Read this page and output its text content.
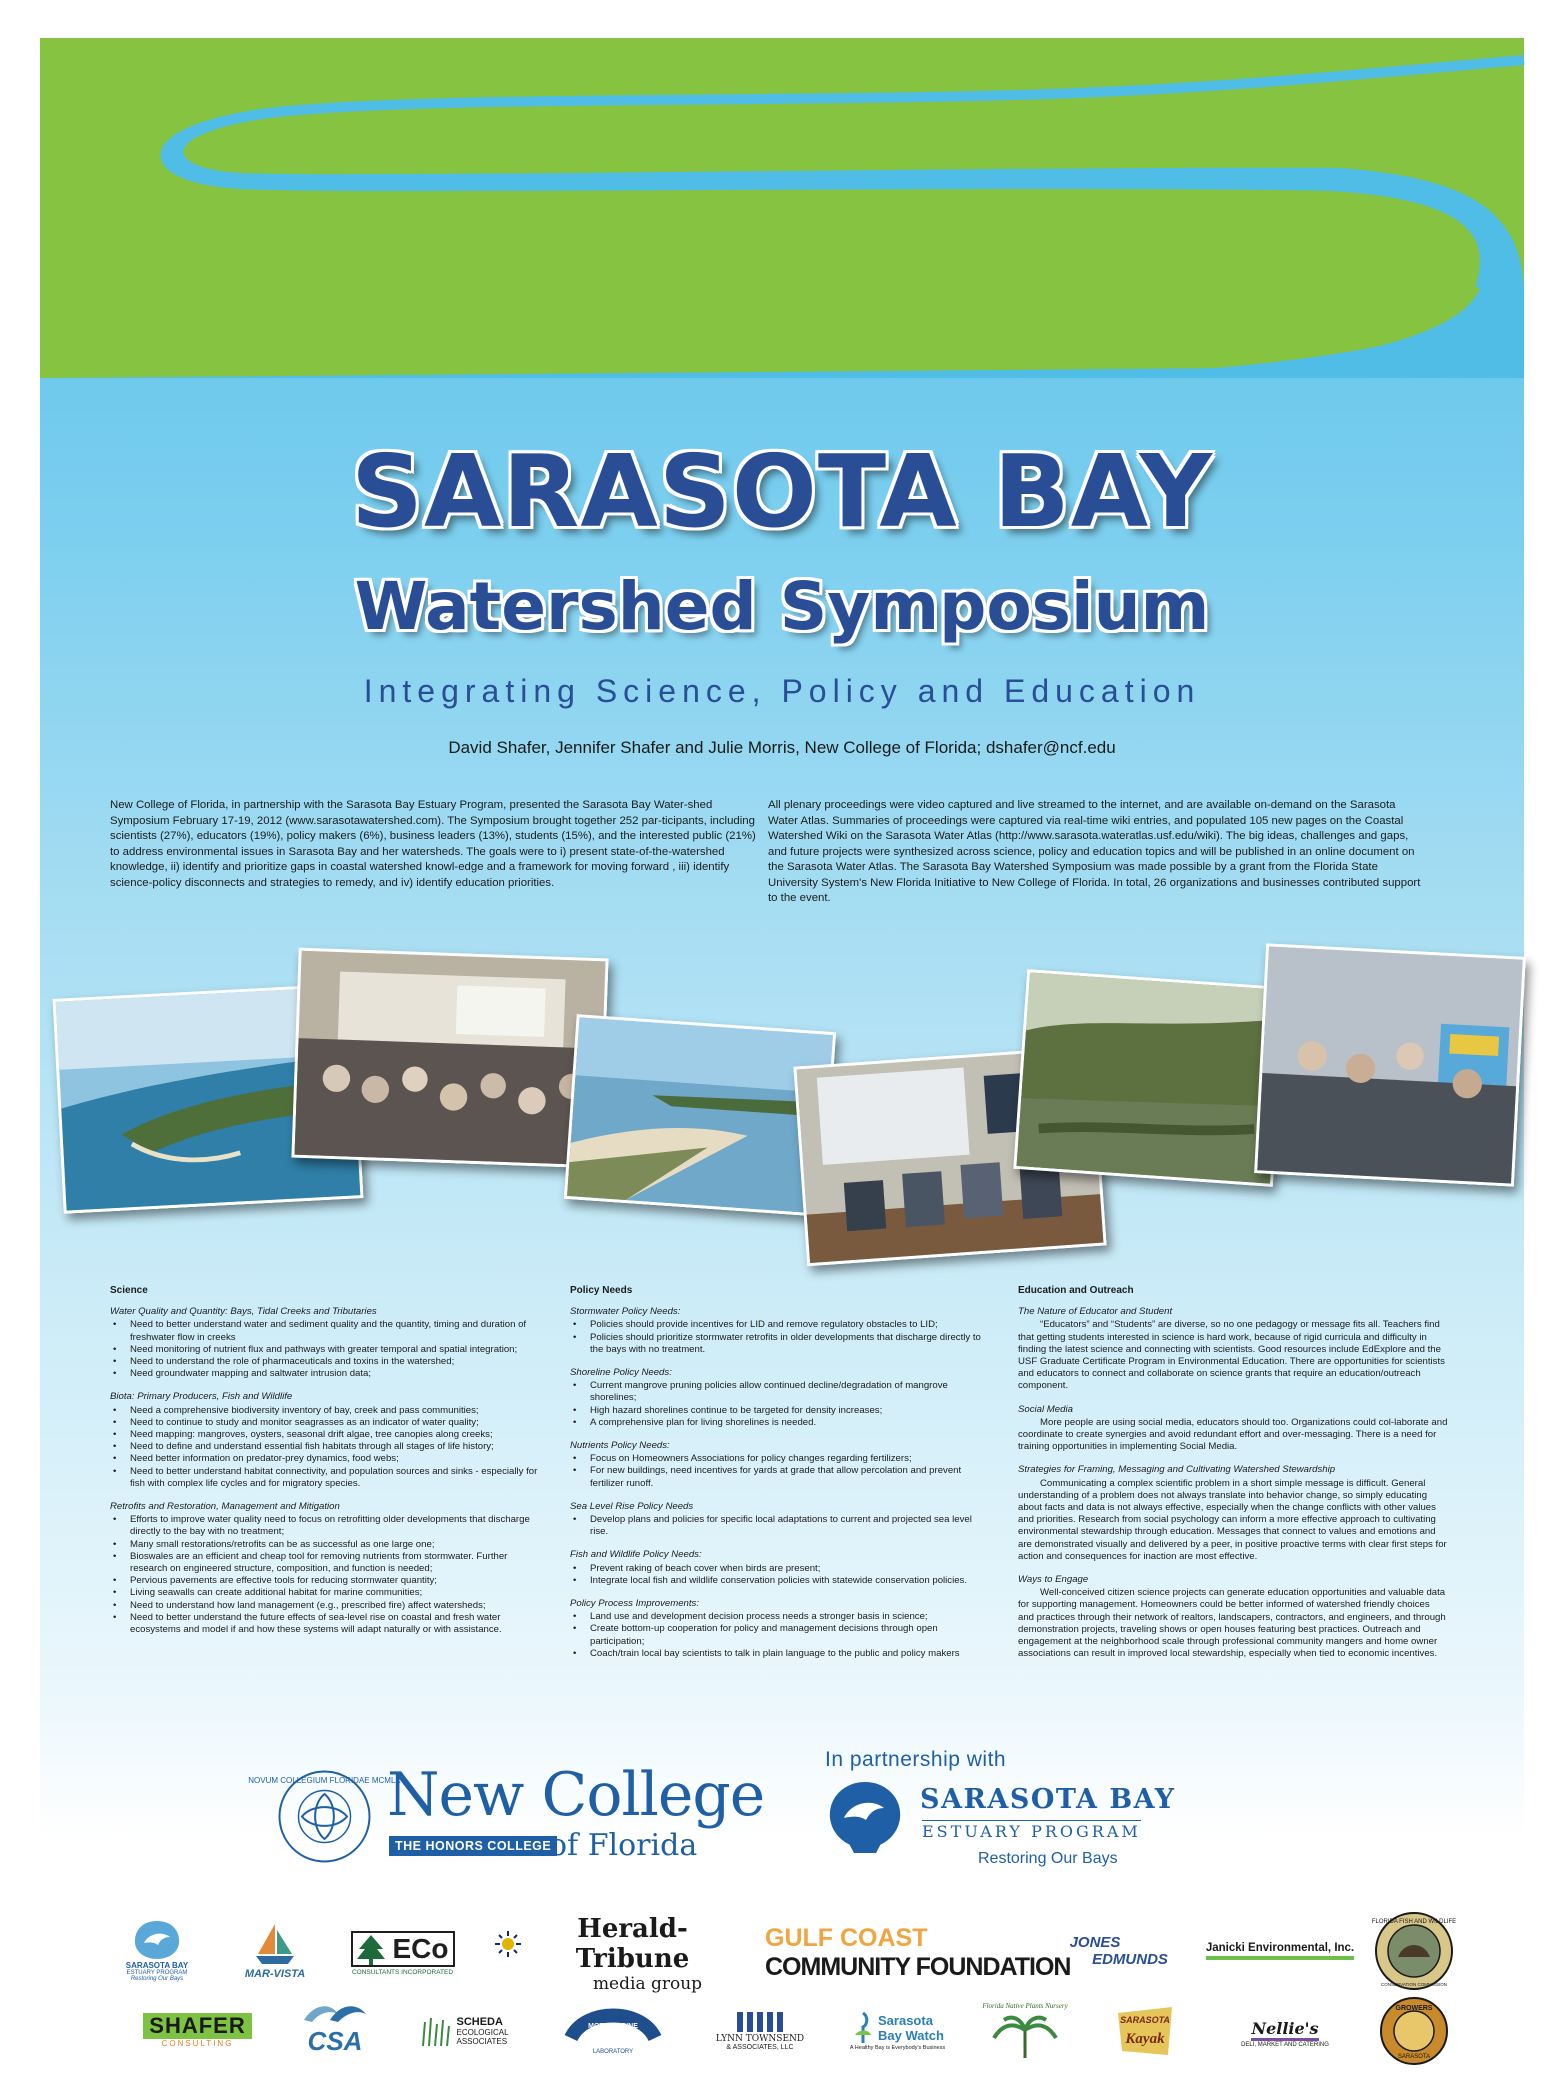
SARASOTA BAY
Watershed Symposium
Integrating Science, Policy and Education
David Shafer, Jennifer Shafer and Julie Morris, New College of Florida; dshafer@ncf.edu
New College of Florida, in partnership with the Sarasota Bay Estuary Program, presented the Sarasota Bay Water-shed Symposium February 17-19, 2012 (www.sarasotawatershed.com). The Symposium brought together 252 par-ticipants, including scientists (27%), educators (19%), policy makers (6%), business leaders (13%), students (15%), and the interested public (21%) to address environmental issues in Sarasota Bay and her watersheds. The goals were to i) present state-of-the-watershed knowledge, ii) identify and prioritize gaps in coastal watershed knowl-edge and a framework for moving forward , iii) identify science-policy disconnects and strategies to remedy, and iv) identify education priorities.
All plenary proceedings were video captured and live streamed to the internet, and are available on-demand on the Sarasota Water Atlas. Summaries of proceedings were captured via real-time wiki entries, and populated 105 new pages on the Coastal Watershed Wiki on the Sarasota Water Atlas (http://www.sarasota.wateratlas.usf.edu/wiki). The big ideas, challenges and gaps, and future projects were synthesized across science, policy and education topics and will be published in an online document on the Sarasota Water Atlas. The Sarasota Bay Watershed Symposium was made possible by a grant from the Florida State University System's New Florida Initiative to New College of Florida. In total, 26 organizations and businesses contributed support to the event.
Science
Water Quality and Quantity: Bays, Tidal Creeks and Tributaries
• Need to better understand water and sediment quality and the quantity, timing and duration of freshwater flow in creeks
• Need monitoring of nutrient flux and pathways with greater temporal and spatial integration;
• Need to understand the role of pharmaceuticals and toxins in the watershed;
• Need groundwater mapping and saltwater intrusion data;
Biota: Primary Producers, Fish and Wildlife
• Need a comprehensive biodiversity inventory of bay, creek and pass communities;
• Need to continue to study and monitor seagrasses as an indicator of water quality;
• Need mapping: mangroves, oysters, seasonal drift algae, tree canopies along creeks;
• Need to define and understand essential fish habitats through all stages of life history;
• Need better information on predator-prey dynamics, food webs;
• Need to better understand habitat connectivity, and population sources and sinks - especially for fish with complex life cycles and for migratory species.
Retrofits and Restoration, Management and Mitigation
• Efforts to improve water quality need to focus on retrofitting older developments that discharge directly to the bay with no treatment;
• Many small restorations/retrofits can be as successful as one large one;
• Bioswales are an efficient and cheap tool for removing nutrients from stormwater. Further research on engineered structure, composition, and function is needed;
• Pervious pavements are effective tools for reducing stormwater quantity;
• Living seawalls can create additional habitat for marine communities;
• Need to understand how land management (e.g., prescribed fire) affect watersheds;
• Need to better understand the future effects of sea-level rise on coastal and fresh water ecosystems and model if and how these systems will adapt naturally or with assistance.
Policy Needs
Stormwater Policy Needs:
• Policies should provide incentives for LID and remove regulatory obstacles to LID;
• Policies should prioritize stormwater retrofits in older developments that discharge directly to the bays with no treatment.
Shoreline Policy Needs:
• Current mangrove pruning policies allow continued decline/degradation of mangrove shorelines;
• High hazard shorelines continue to be targeted for density increases;
• A comprehensive plan for living shorelines is needed.
Nutrients Policy Needs:
• Focus on Homeowners Associations for policy changes regarding fertilizers;
• For new buildings, need incentives for yards at grade that allow percolation and prevent fertilizer runoff.
Sea Level Rise Policy Needs
• Develop plans and policies for specific local adaptations to current and projected sea level rise.
Fish and Wildlife Policy Needs:
• Prevent raking of beach cover when birds are present;
• Integrate local fish and wildlife conservation policies with statewide conservation policies.
Policy Process Improvements:
• Land use and development decision process needs a stronger basis in science;
• Create bottom-up cooperation for policy and management decisions through open participation;
• Coach/train local bay scientists to talk in plain language to the public and policy makers
Education and Outreach
The Nature of Educator and Student

“Educators” and “Students” are diverse, so no one pedagogy or message fits all. Teachers find that getting students interested in science is hard work, because of rigid curricula and difficulty in finding the latest science and connecting with scientists. Good resources include EdExplore and the USF Graduate Certificate Program in Environmental Education. There are opportunities for scientists and educators to connect and collaborate on science grants that require an education/outreach component.

Social Media

More people are using social media, educators should too. Organizations could col-laborate and coordinate to create synergies and avoid redundant effort and over-messaging. There is a need for training opportunities in implementing Social Media.

Strategies for Framing, Messaging and Cultivating Watershed Stewardship

Communicating a complex scientific problem in a short simple message is difficult. General understanding of a problem does not always translate into behavior change, so simply educating about facts and data is not always effective, especially when the change conflicts with other values and priorities. Research from social psychology can inform a more effective approach to cultivating environmental stewardship through education. Messages that connect to values and emotions and are demonstrated visually and delivered by a peer, in positive proactive terms with clear first steps for action and consequences for inaction are most effective.

Ways to Engage

Well-conceived citizen science projects can generate education opportunities and valuable data for supporting management. Homeowners could be better informed of watershed friendly choices and practices through their network of realtors, landscapers, contractors, and engineers, and through demonstration projects, traveling shows or open houses featuring best practices. Outreach and engagement at the neighborhood scale through professional community mangers and home owner associations can result in improved local stewardship, especially when tied to economic incentives.

NOVUM COLLEGIUM FLORIDAE MCMLX
New College
THE HONORS COLLEGE
of Florida
In partnership with
SARASOTA BAY
ESTUARY PROGRAM
Restoring Our Bays
SARASOTA BAY
ESTUARY PROGRAM
Restoring Our Bays	MAR-VISTA
ECo
CONSULTANTS INCORPORATED
Herald-Tribune
media group
GULF COAST
COMMUNITY FOUNDATION
JONES
EDMUNDS
Janicki Environmental, Inc.
FLORIDA FISH AND WILDLIFE
CONSERVATION COMMISSION
SHAFER
CONSULTING	CSA
SCHEDA
ECOLOGICAL ASSOCIATES
MOTE MARINE
LABORATORY
LYNN TOWNSEND
& ASSOCIATES, LLC
Sarasota
Bay Watch
A Healthy Bay is Everybody's Business
Florida Native Plants Nursery
SARASOTA
Kayak
Nellie's
DELI, MARKET AND CATERING
GROWERS
SARASOTA
